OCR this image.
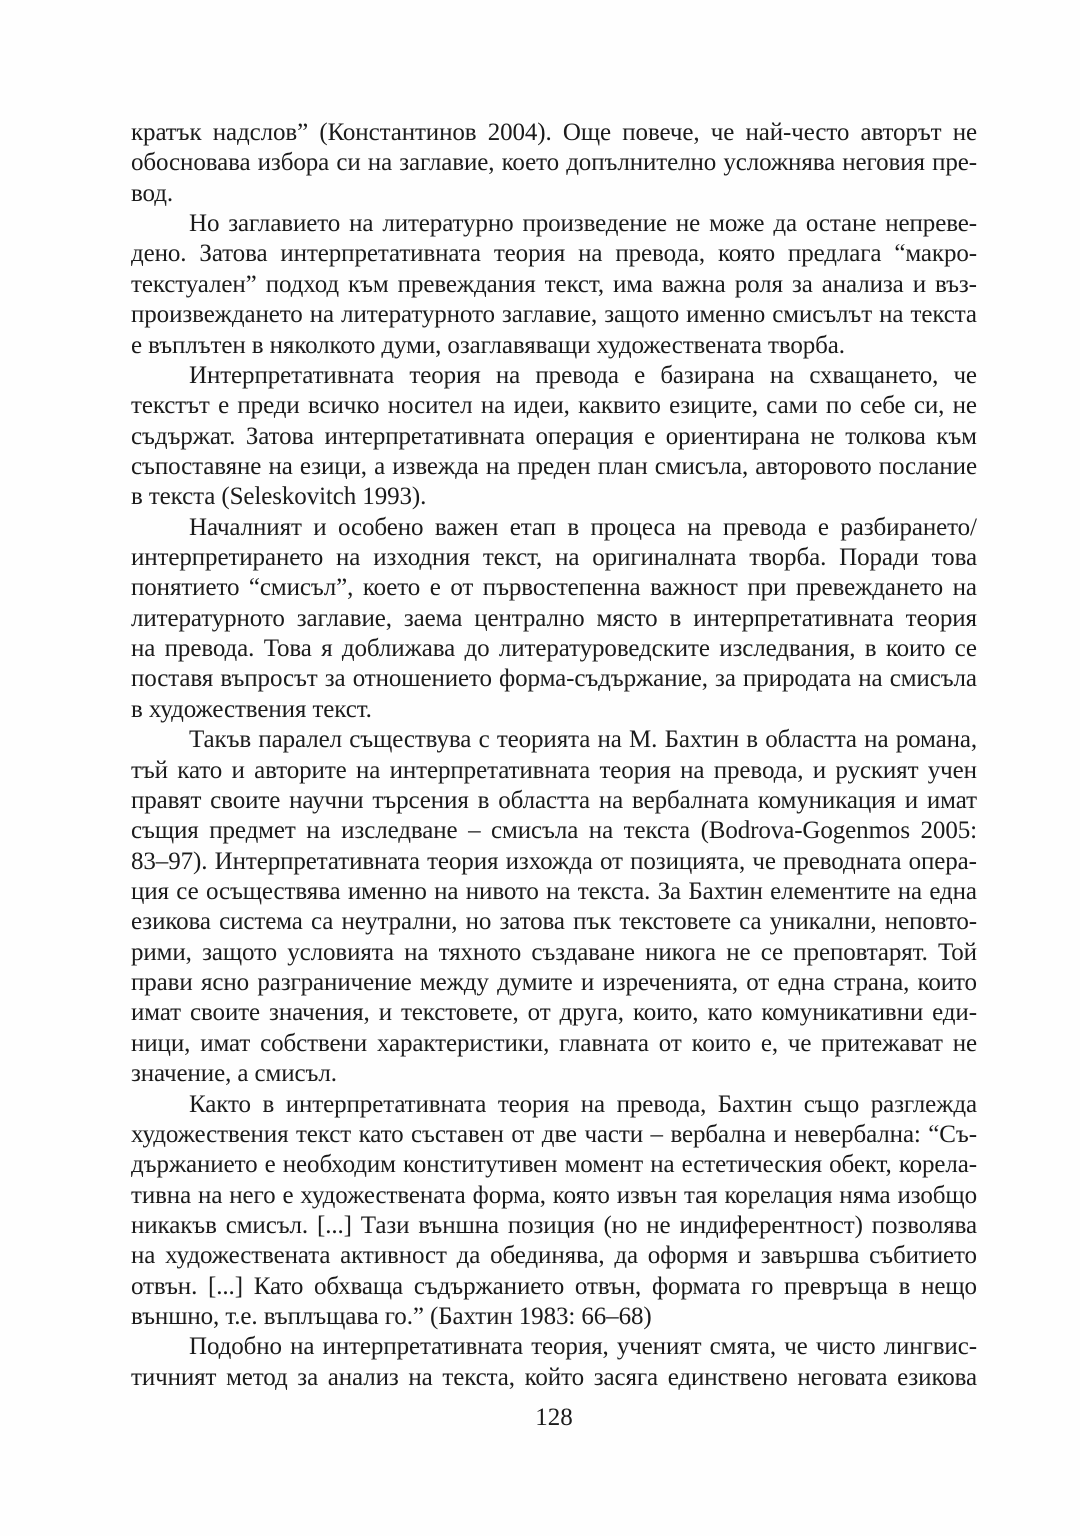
кратък надслов” (Константинов 2004). Още повече, че най-често авторът не
обосновава избора си на заглавие, което допълнително усложнява неговия пре-
вод.
Но заглавието на литературно произведение не може да остане непреве-
дено. Затова интерпретативната теория на превода, която предлага “макро-
текстуален” подход към превеждания текст, има важна роля за анализа и въз-
произвеждането на литературното заглавие, защото именно смисълът на текста
е въплътен в няколкото думи, озаглавяващи художествената творба.
Интерпретативната теория на превода е базирана на схващането, че
текстът е преди всичко носител на идеи, каквито езиците, сами по себе си, не
съдържат. Затова интерпретативната операция е ориентирана не толкова към
съпоставяне на езици, а извежда на преден план смисъла, авторовото послание
в текста (Seleskovitch 1993).
Началният и особено важен етап в процеса на превода е разбирането/
интерпретирането на изходния текст, на оригиналната творба. Поради това
понятието “смисъл”, което е от първостепенна важност при превеждането на
литературното заглавие, заема централно място в интерпретативната теория
на превода. Това я доближава до литературоведските изследвания, в които се
поставя въпросът за отношението форма-съдържание, за природата на смисъла
в художествения текст.
Такъв паралел съществува с теорията на М. Бахтин в областта на романа,
тъй като и авторите на интерпретативната теория на превода, и руският учен
правят своите научни търсения в областта на вербалната комуникация и имат
същия предмет на изследване – смисъла на текста (Bodrova-Gogenmos 2005:
83–97). Интерпретативната теория изхожда от позицията, че преводната опера-
ция се осъществява именно на нивото на текста. За Бахтин елементите на една
езикова система са неутрални, но затова пък текстовете са уникални, неповто-
рими, защото условията на тяхното създаване никога не се преповтарят. Той
прави ясно разграничение между думите и изреченията, от една страна, които
имат своите значения, и текстовете, от друга, които, като комуникативни еди-
ници, имат собствени характеристики, главната от които е, че притежават не
значение, а смисъл.
Както в интерпретативната теория на превода, Бахтин също разглежда
художествения текст като съставен от две части – вербална и невербална: “Съ-
държанието е необходим конститутивен момент на естетическия обект, корела-
тивна на него е художествената форма, която извън тая корелация няма изобщо
никакъв смисъл. [...] Тази външна позиция (но не индиферентност) позволява
на художествената активност да обединява, да оформя и завършва събитието
отвън. [...] Като обхваща съдържанието отвън, формата го превръща в нещо
външно, т.е. въплъщава го.” (Бахтин 1983: 66–68)
Подобно на интерпретативната теория, ученият смята, че чисто лингвис-
тичният метод за анализ на текста, който засяга единствено неговата езикова
128
